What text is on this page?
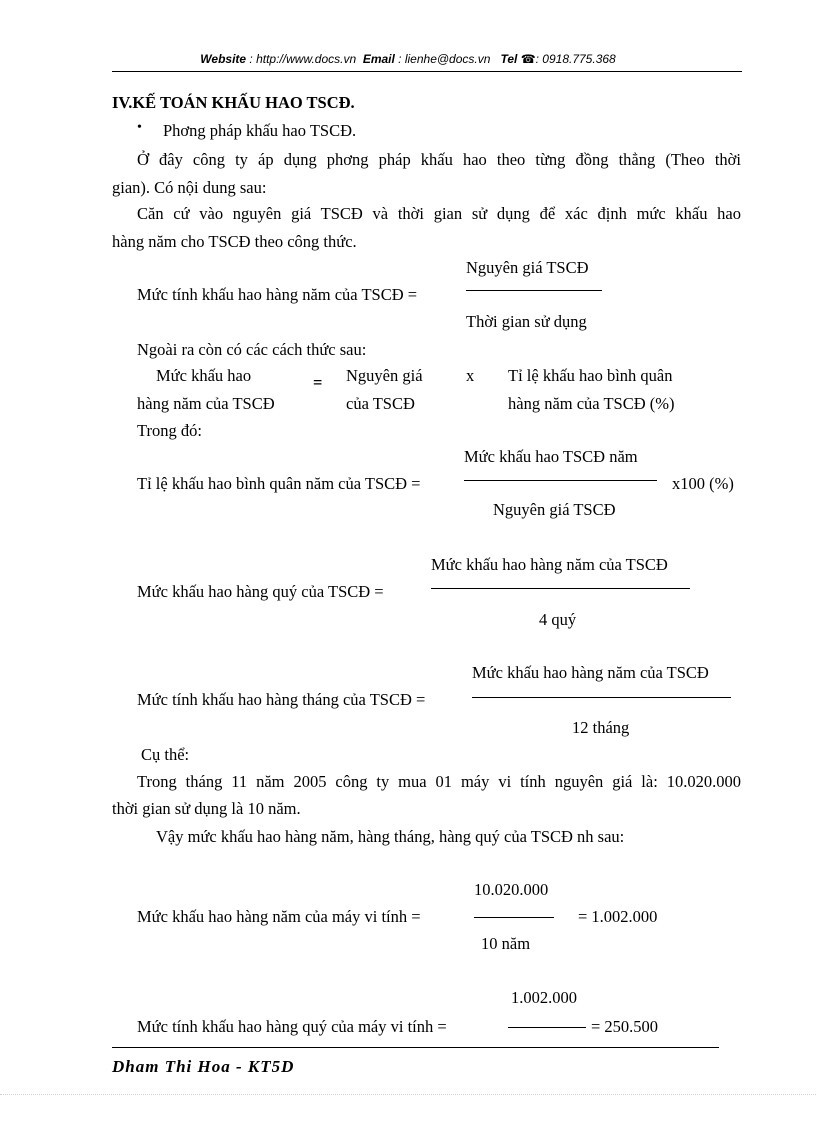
Website : http://www.docs.vn Email : lienhe@docs.vn Tel ☎: 0918.775.368
IV.KẾ TOÁN KHẤU HAO TSCĐ.
• Phơng pháp khấu hao TSCĐ.
Ở đây công ty áp dụng phơng pháp khấu hao theo từng đồng thẳng (Theo thời
gian). Có nội dung sau:
Căn cứ vào nguyên giá TSCĐ và thời gian sử dụng để xác định mức khấu hao
hàng năm cho TSCĐ theo công thức.
Mức tính khấu hao hàng năm của TSCĐ =
Nguyên giá TSCĐ
Thời gian sử dụng
Ngoài ra còn có các cách thức sau:
Mức khấu hao
hàng năm của TSCĐ
= Nguyên giá
của TSCĐ
x Tỉ lệ khấu hao bình quân
hàng năm của TSCĐ (%)
Trong đó:
Tỉ lệ khấu hao bình quân năm của TSCĐ =
Mức khấu hao TSCĐ năm
Nguyên giá TSCĐ
x100 (%)
Mức khấu hao hàng quý của TSCĐ =
Mức khấu hao hàng năm của TSCĐ
4 quý
Mức tính khấu hao hàng tháng của TSCĐ =
Mức khấu hao hàng năm của TSCĐ
12 tháng
Cụ thể:
Trong tháng 11 năm 2005 công ty mua 01 máy vi tính nguyên giá là: 10.020.000
thời gian sử dụng là 10 năm.
Vậy mức khấu hao hàng năm, hàng tháng, hàng quý của TSCĐ nh sau:
Mức khấu hao hàng năm của máy vi tính =
10.020.000
10 năm
= 1.002.000
1.002.000
Mức tính khấu hao hàng quý của máy vi tính =	= 250.500
Dham Thi Hoa - KT5D
